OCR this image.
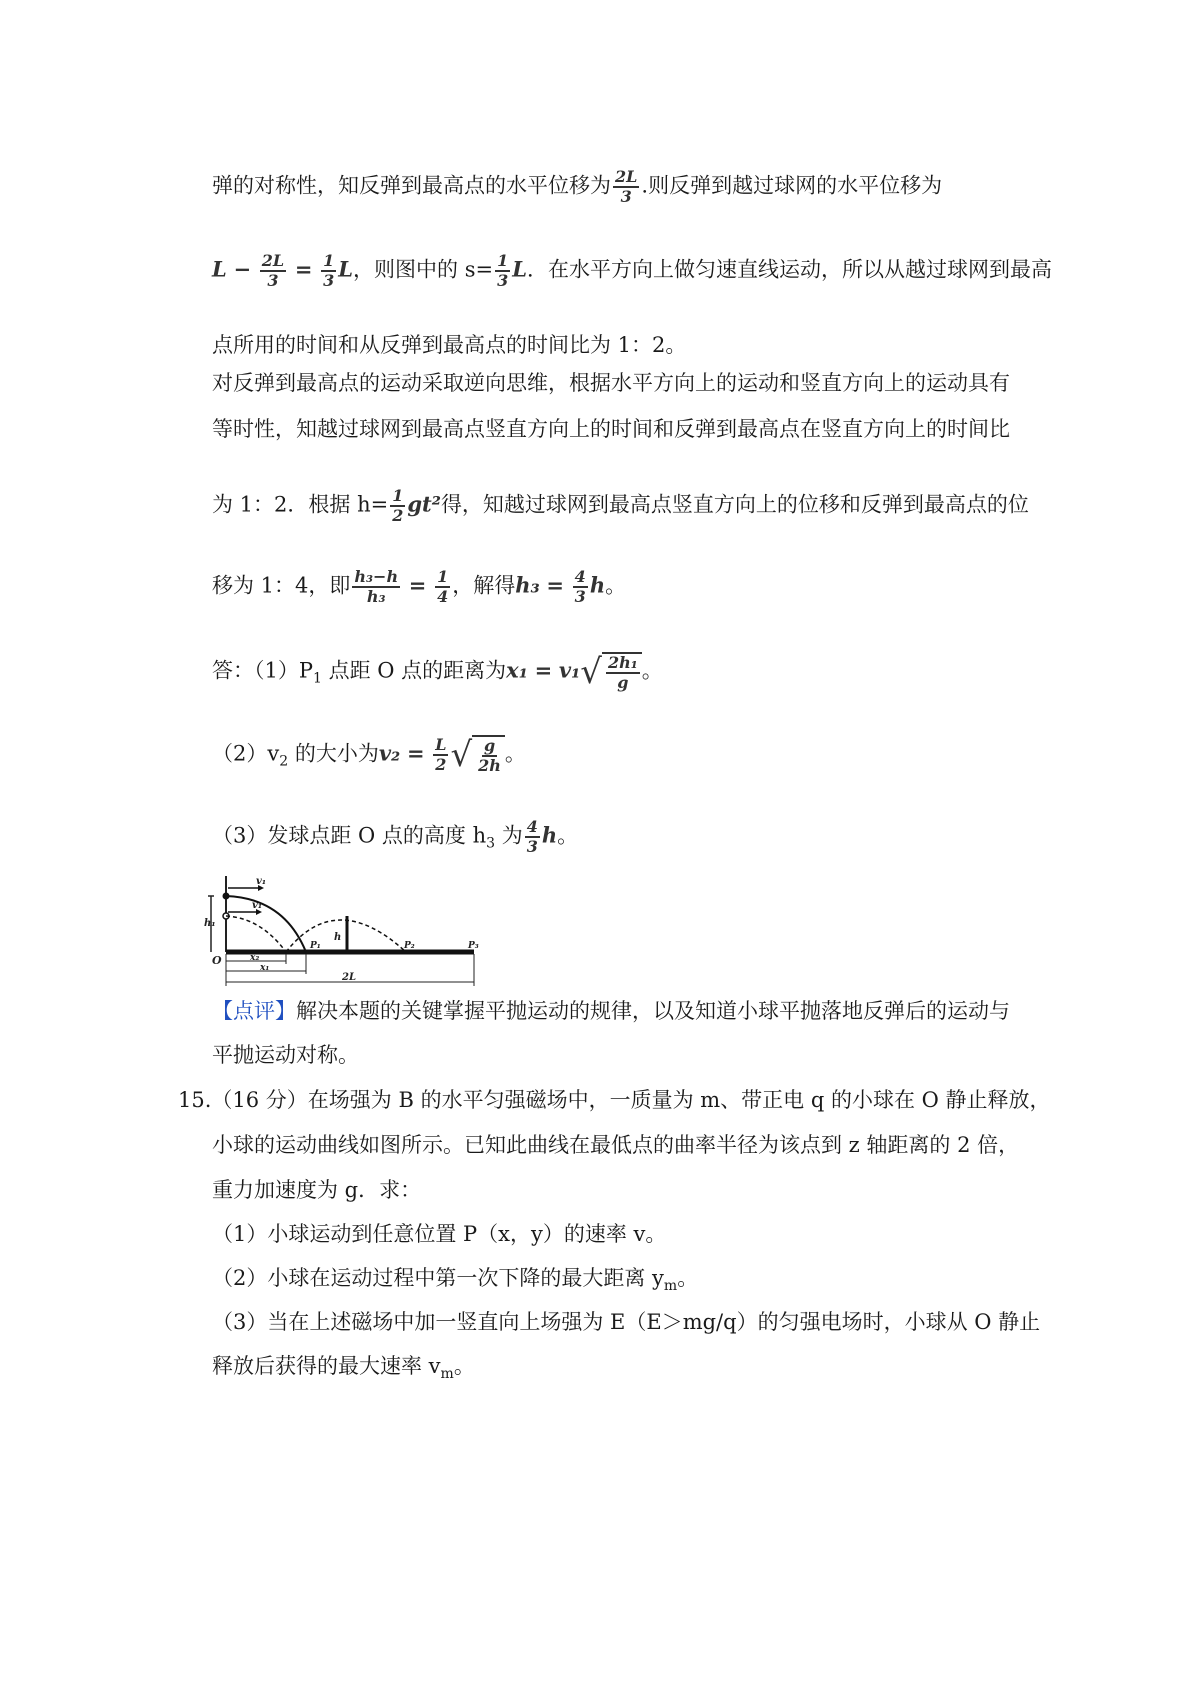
弹的对称性，知反弹到最高点的水平位移为 $\frac{2L}{3}$ .则反弹到越过球网的水平位移为
$L - \frac{2L}{3} = \frac{1}{3}$ L，则图中的 $s= \frac{1}{3}$ L．在水平方向上做匀速直线运动，所以从越过球网到最高
点所用的时间和从反弹到最高点的时间比为 1：2。
对反弹到最高点的运动采取逆向思维，根据水平方向上的运动和竖直方向上的运动具有
等时性，知越过球网到最高点竖直方向上的时间和反弹到最高点在竖直方向上的时间比
为 1：2．根据 $h= \frac{1}{2} gt^2$得，知越过球网到最高点竖直方向上的位移和反弹到最高点的位
移为 1：4，即 $\frac{\text{h₃−h}}{\text{h₃}} = \frac{1}{4}$ ，解得$h_3 = \frac{4}{3}$ h。
答：$(1)P_1$ 点距 O 点的距离为x₁ = v₁ √ $\frac{\text{2h₁}}{g}$ 。
$(2)v_2$ 的大小为$v_2 = \frac{L}{2}$ √ $\frac{g}{2h}$ 。
（3）发球点距 O 点的高度 $h_3$ 为 $\frac{4}{3}$ h。
h₁
v₁
v₁
h
O
P₁	P₂	P₃
x₂
x₁
2L
【点评】解决本题的关键掌握平抛运动的规律，以及知道小球平抛落地反弹后的运动与
平抛运动对称。
15.（16 分）在场强为 B 的水平匀强磁场中，一质量为 m、带正电 q 的小球在 O 静止释放，
小球的运动曲线如图所示。已知此曲线在最低点的曲率半径为该点到 z 轴距离的 2 倍，
重力加速度为 g．求：
（1）小球运动到任意位置 P（x，y）的速率 v。
（2）小球在运动过程中第一次下降的最大距离 $y_m$。
（3）当在上述磁场中加一竖直向上场强为 E（E＞mg/q）的匀强电场时，小球从 O 静止
释放后获得的最大速率 $v_m$。
